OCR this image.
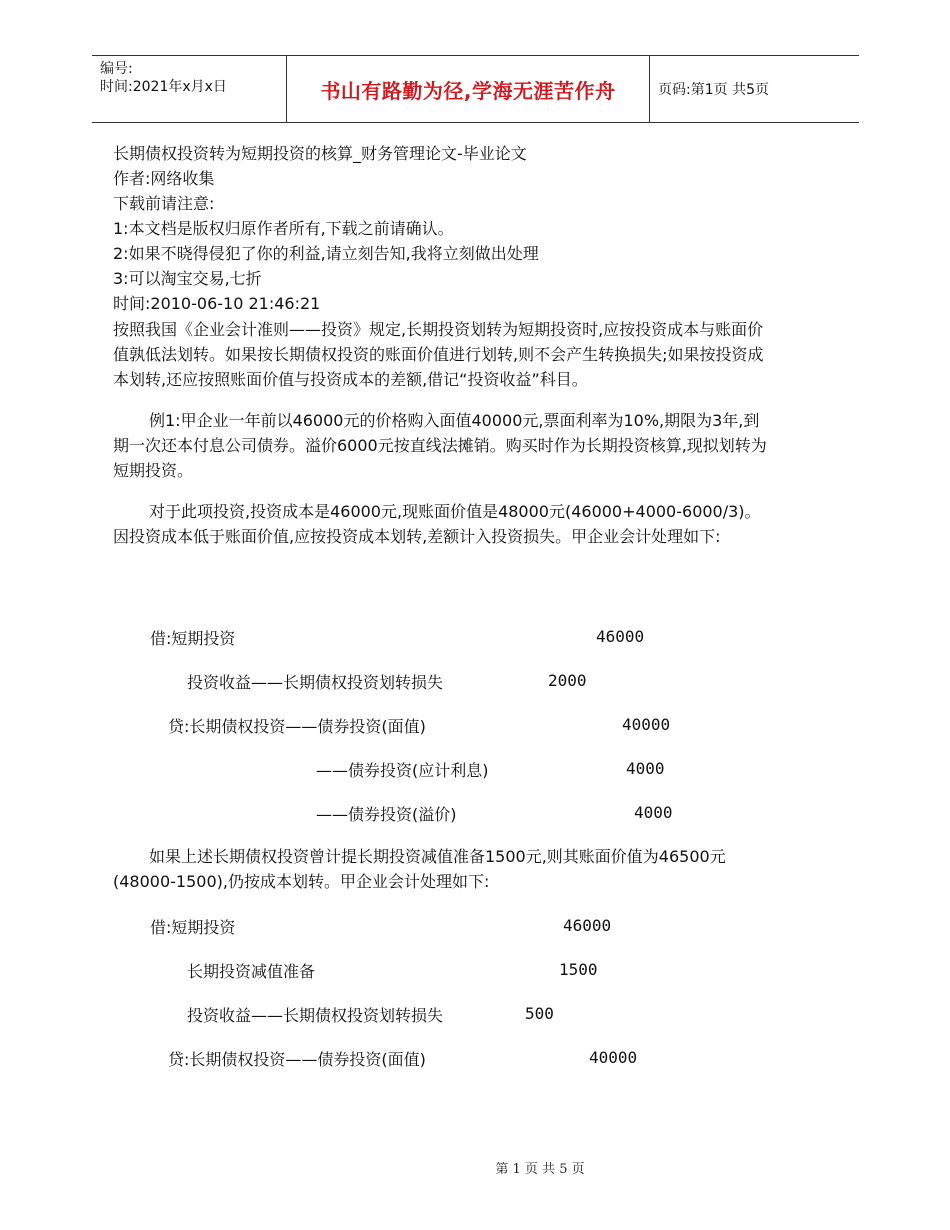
编号:
时间:2021年x月x日	书山有路勤为径,学海无涯苦作舟	页码:第1页 共5页
长期债权投资转为短期投资的核算_财务管理论文-毕业论文
作者:网络收集
下载前请注意:
1:本文档是版权归原作者所有,下载之前请确认。
2:如果不晓得侵犯了你的利益,请立刻告知,我将立刻做出处理
3:可以淘宝交易,七折
时间:2010-06-10 21:46:21
按照我国《企业会计准则——投资》规定,长期投资划转为短期投资时,应按投资成本与账面价值孰低法划转。如果按长期债权投资的账面价值进行划转,则不会产生转换损失;如果按投资成本划转,还应按照账面价值与投资成本的差额,借记“投资收益”科目。
例1:甲企业一年前以46000元的价格购入面值40000元,票面利率为10%,期限为3年,到期一次还本付息公司债券。溢价6000元按直线法摊销。购买时作为长期投资核算,现拟划转为短期投资。
对于此项投资,投资成本是46000元,现账面价值是48000元(46000+4000-6000/3)。因投资成本低于账面价值,应按投资成本划转,差额计入投资损失。甲企业会计处理如下:
借:短期投资	46000
投资收益——长期债权投资划转损失	2000
贷:长期债权投资——债券投资(面值)	40000
——债券投资(应计利息)	4000
——债券投资(溢价)	4000
如果上述长期债权投资曾计提长期投资减值准备1500元,则其账面价值为46500元(48000-1500),仍按成本划转。甲企业会计处理如下:
借:短期投资	46000
长期投资减值准备	1500
投资收益——长期债权投资划转损失	500
贷:长期债权投资——债券投资(面值)	40000
第 1 页 共 5 页
